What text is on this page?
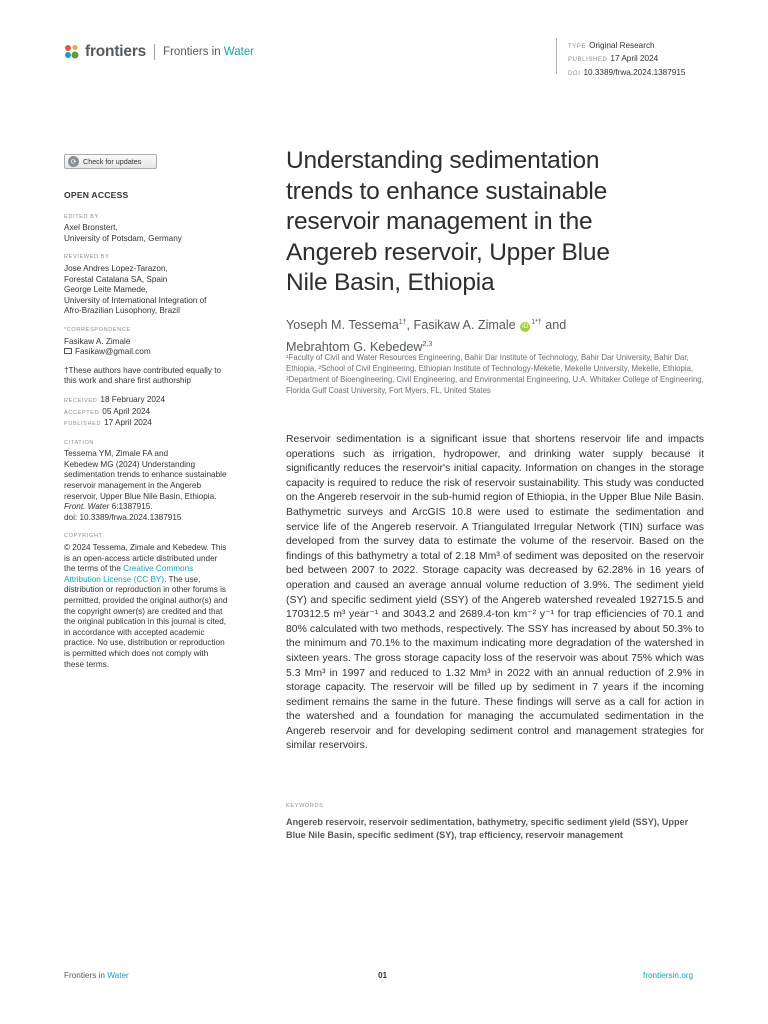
frontiers Frontiers in Water	TYPE Original Research
PUBLISHED 17 April 2024
DOI 10.3389/frwa.2024.1387915
⟳ Check for updates
OPEN ACCESS
EDITED BY
Axel Bronstert,
University of Potsdam, Germany
REVIEWED BY
Jose Andres Lopez-Tarazon,
Forestal Catalana SA, Spain
George Leite Mamede,
University of International Integration of
Afro-Brazilian Lusophony, Brazil
*CORRESPONDENCE
Fasikaw A. Zimale
Fasikaw@gmail.com
†These authors have contributed equally to
this work and share first authorship
RECEIVED 18 February 2024
ACCEPTED 05 April 2024
PUBLISHED 17 April 2024
CITATION
Tessema YM, Zimale FA and
Kebedew MG (2024) Understanding
sedimentation trends to enhance sustainable
reservoir management in the Angereb
reservoir, Upper Blue Nile Basin, Ethiopia.
Front. Water 6:1387915.
doi: 10.3389/frwa.2024.1387915
COPYRIGHT
© 2024 Tessema, Zimale and Kebedew. This
is an open-access article distributed under
the terms of the Creative Commons
Attribution License (CC BY). The use,
distribution or reproduction in other forums is
permitted, provided the original author(s) and
the copyright owner(s) are credited and that
the original publication in this journal is cited,
in accordance with accepted academic
practice. No use, distribution or reproduction
is permitted which does not comply with
these terms.
Understanding sedimentation
trends to enhance sustainable
reservoir management in the
Angereb reservoir, Upper Blue
Nile Basin, Ethiopia
Yoseph M. Tessema$^{1\dagger}$, Fasikaw A. Zimale $iD^{1*\dagger}$ and
Mebrahtom G. Kebedew$^{2,3}$
¹Faculty of Civil and Water Resources Engineering, Bahir Dar Institute of Technology, Bahir Dar University, Bahir Dar, Ethiopia, ²School of Civil Engineering, Ethiopian Institute of Technology-Mekelle, Mekelle University, Mekelle, Ethiopia, ³Department of Bioengineering, Civil Engineering, and Environmental Engineering, U.A. Whitaker College of Engineering, Florida Gulf Coast University, Fort Myers, FL, United States

Reservoir sedimentation is a significant issue that shortens reservoir life and impacts operations such as irrigation, hydropower, and drinking water supply because it significantly reduces the reservoir's initial capacity. Information on changes in the storage capacity is required to reduce the risk of reservoir sustainability. This study was conducted on the Angereb reservoir in the sub-humid region of Ethiopia, in the Upper Blue Nile Basin. Bathymetric surveys and ArcGIS 10.8 were used to estimate the sedimentation and service life of the Angereb reservoir. A Triangulated Irregular Network (TIN) surface was developed from the survey data to estimate the volume of the reservoir. Based on the findings of this bathymetry a total of 2.18 Mm³ of sediment was deposited on the reservoir bed between 2007 to 2022. Storage capacity was decreased by 62.28% in 16 years of operation and caused an average annual volume reduction of 3.9%. The sediment yield (SY) and specific sediment yield (SSY) of the Angereb watershed revealed 192715.5 and 170312.5 m³ year⁻¹ and 3043.2 and 2689.4-ton km⁻² y⁻¹ for trap efficiencies of 70.1 and 80% calculated with two methods, respectively. The SSY has increased by about 50.3% to the minimum and 70.1% to the maximum indicating more degradation of the watershed in sixteen years. The gross storage capacity loss of the reservoir was about 75% which was 5.3 Mm³ in 1997 and reduced to 1.32 Mm³ in 2022 with an annual reduction of 2.9% in storage capacity. The reservoir will be filled up by sediment in 7 years if the incoming sediment remains the same in the future. These findings will serve as a call for action in the watershed and a foundation for managing the accumulated sedimentation in the Angereb reservoir and for developing sediment control and management strategies for similar reservoirs.

KEYWORDS
Angereb reservoir, reservoir sedimentation, bathymetry, specific sediment yield (SSY), Upper Blue Nile Basin, specific sediment (SY), trap efficiency, reservoir management
Frontiers in Water	01	frontiersin.org
